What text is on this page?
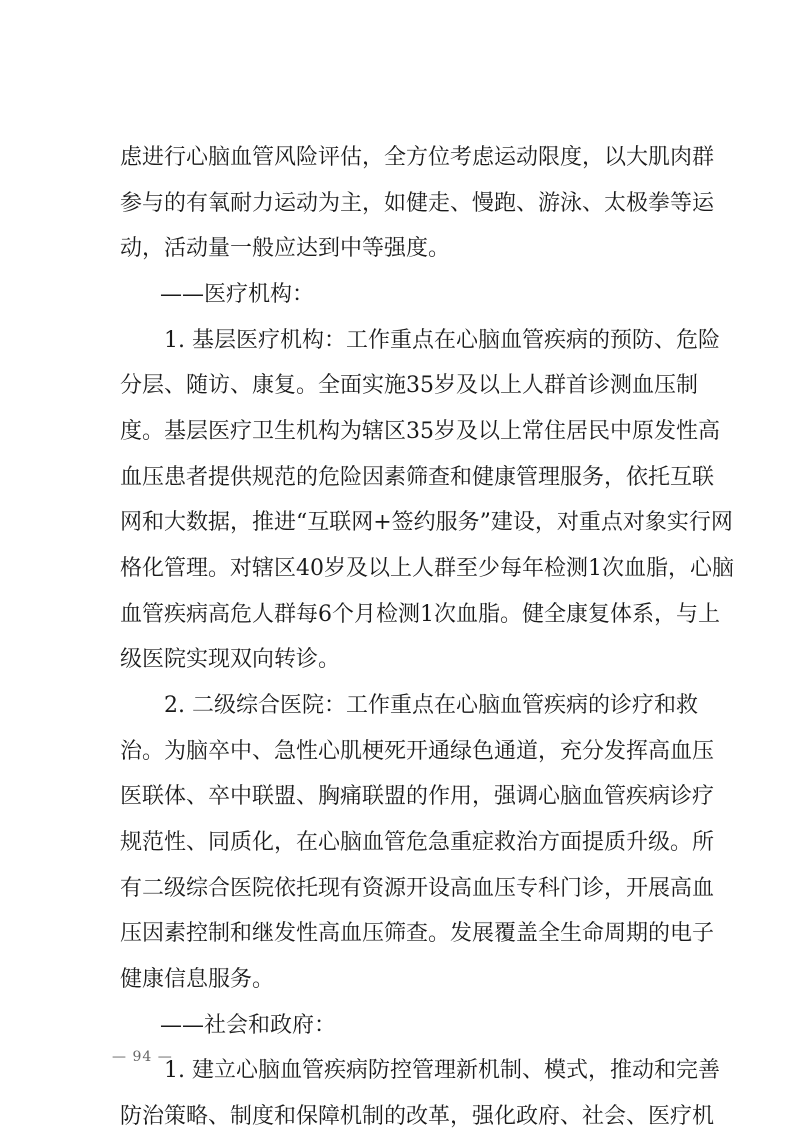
虑进行心脑血管风险评估，全方位考虑运动限度，以大肌肉群
参与的有氧耐力运动为主，如健走、慢跑、游泳、太极拳等运
动，活动量一般应达到中等强度。
——医疗机构：
1. 基层医疗机构：工作重点在心脑血管疾病的预防、危险
分层、随访、康复。全面实施35岁及以上人群首诊测血压制
度。基层医疗卫生机构为辖区35岁及以上常住居民中原发性高
血压患者提供规范的危险因素筛查和健康管理服务，依托互联
网和大数据，推进“互联网+签约服务”建设，对重点对象实行网
格化管理。对辖区40岁及以上人群至少每年检测1次血脂，心脑
血管疾病高危人群每6个月检测1次血脂。健全康复体系，与上
级医院实现双向转诊。
2. 二级综合医院：工作重点在心脑血管疾病的诊疗和救
治。为脑卒中、急性心肌梗死开通绿色通道，充分发挥高血压
医联体、卒中联盟、胸痛联盟的作用，强调心脑血管疾病诊疗
规范性、同质化，在心脑血管危急重症救治方面提质升级。所
有二级综合医院依托现有资源开设高血压专科门诊，开展高血
压因素控制和继发性高血压筛查。发展覆盖全生命周期的电子
健康信息服务。
——社会和政府：
1. 建立心脑血管疾病防控管理新机制、模式，推动和完善
防治策略、制度和保障机制的改革，强化政府、社会、医疗机
— 94 —
